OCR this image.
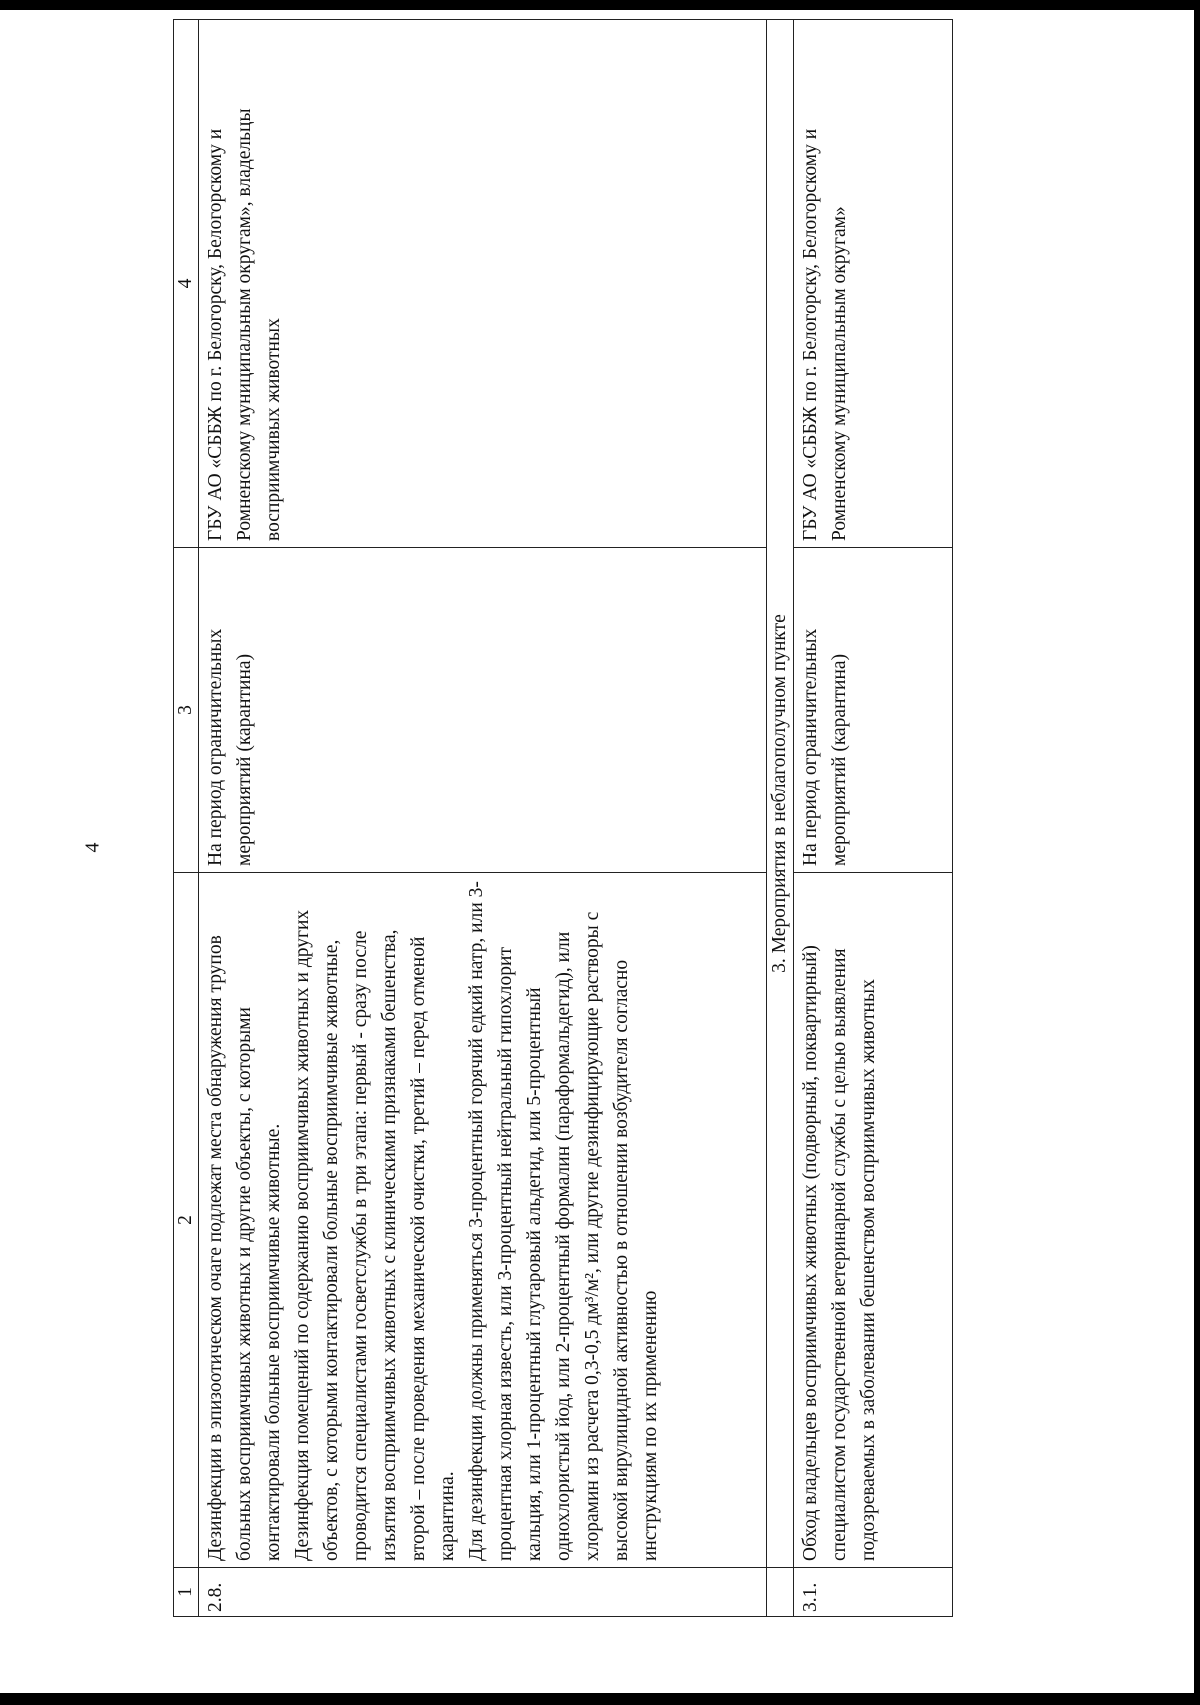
4
1	2	3	4
2.8.	Дезинфекции в эпизоотическом очаге подлежат места обнаружения трупов больных восприимчивых животных и другие объекты, с которыми контактировали больные восприимчивые животные. Дезинфекция помещений по содержанию восприимчивых животных и других объектов, с которыми контактировали больные восприимчивые животные, проводится специалистами госветслужбы в три этапа: первый - сразу после изъятия восприимчивых животных с клиническими признаками бешенства, второй – после проведения механической очистки, третий – перед отменой карантина. Для дезинфекции должны применяться 3-процентный горячий едкий натр, или 3-процентная хлорная известь, или 3-процентный нейтральный гипохлорит кальция, или 1-процентный глутаровый альдегид, или 5-процентный однохлористый йод, или 2-процентный формалин (параформальдегид), или хлорамин из расчета 0,3-0,5 дм³/м², или другие дезинфицирующие растворы с высокой вирулицидной активностью в отношении возбудителя согласно инструкциям по их применению	На период ограничительных мероприятий (карантина)	ГБУ АО «СББЖ по г. Белогорску, Белогорскому и Ромненскому муниципальным округам», владельцы восприимчивых животных
	3. Мероприятия в неблагополучном пункте		
3.1.	Обход владельцев восприимчивых животных (подворный, поквартирный) специалистом государственной ветеринарной службы с целью выявления подозреваемых в заболевании бешенством восприимчивых животных	На период ограничительных мероприятий (карантина)	ГБУ АО «СББЖ по г. Белогорску, Белогорскому и Ромненскому муниципальным округам»
